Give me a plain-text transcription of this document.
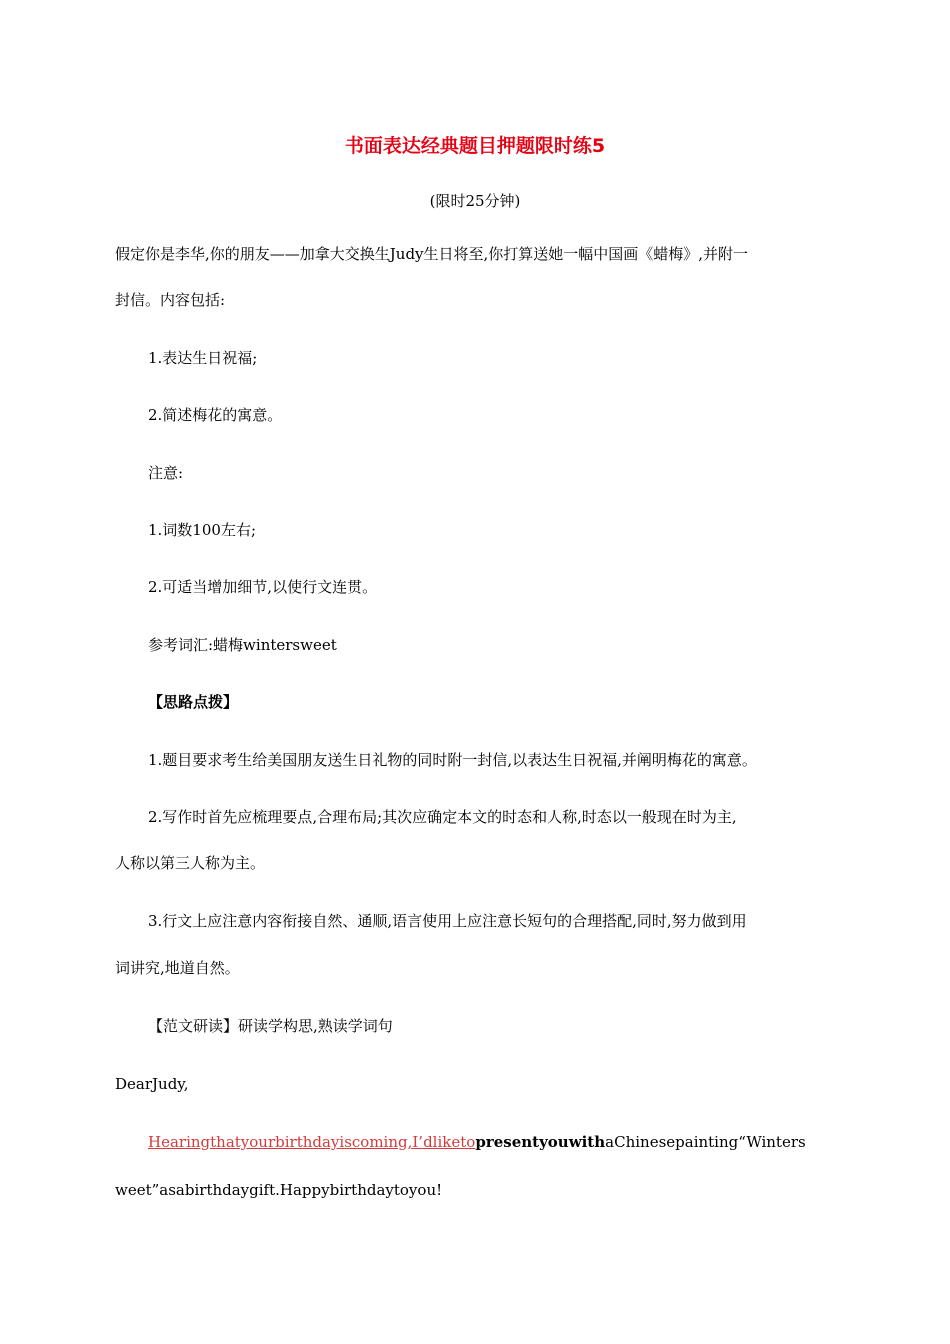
书面表达经典题目押题限时练5
(限时25分钟)
假定你是李华,你的朋友——加拿大交换生Judy生日将至,你打算送她一幅中国画《蜡梅》,并附一
封信。内容包括:
1.表达生日祝福;
2.简述梅花的寓意。
注意:
1.词数100左右;
2.可适当增加细节,以使行文连贯。
参考词汇:蜡梅wintersweet
【思路点拨】
1.题目要求考生给美国朋友送生日礼物的同时附一封信,以表达生日祝福,并阐明梅花的寓意。
2.写作时首先应梳理要点,合理布局;其次应确定本文的时态和人称,时态以一般现在时为主,
人称以第三人称为主。
3.行文上应注意内容衔接自然、通顺,语言使用上应注意长短句的合理搭配,同时,努力做到用
词讲究,地道自然。
【范文研读】研读学构思,熟读学词句
DearJudy,
Hearingthatyourbirthdayiscoming,I’dliketopresentyouwithaChinesepainting“Winters
weet”asabirthdaygift.Happybirthdaytoyou!
